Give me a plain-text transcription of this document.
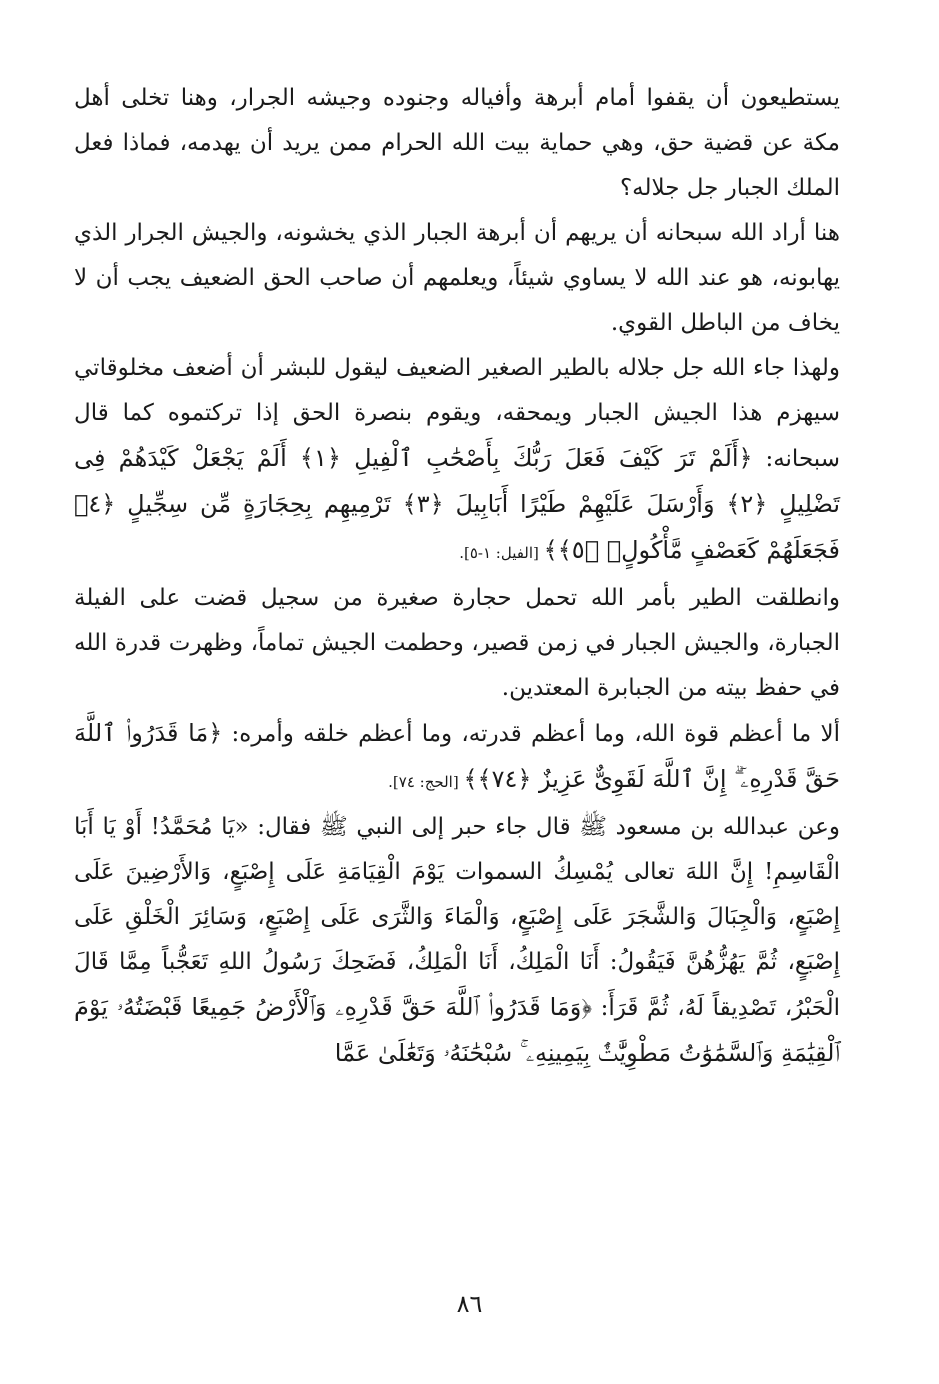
يستطيعون أن يقفوا أمام أبرهة وأفياله وجنوده وجيشه الجرار، وهنا تخلى أهل مكة عن قضية حق، وهي حماية بيت الله الحرام ممن يريد أن يهدمه، فماذا فعل الملك الجبار جل جلاله؟

هنا أراد الله سبحانه أن يريهم أن أبرهة الجبار الذي يخشونه، والجيش الجرار الذي يهابونه، هو عند الله لا يساوي شيئاً، ويعلمهم أن صاحب الحق الضعيف يجب أن لا يخاف من الباطل القوي.

ولهذا جاء الله جل جلاله بالطير الصغير الضعيف ليقول للبشر أن أضعف مخلوقاتي سيهزم هذا الجيش الجبار ويمحقه، ويقوم بنصرة الحق إذا تركتموه كما قال سبحانه: ﴿أَلَمْ تَرَ كَيْفَ فَعَلَ رَبُّكَ بِأَصْحَٰبِ ٱلْفِيلِ ﴿١﴾ أَلَمْ يَجْعَلْ كَيْدَهُمْ فِى تَضْلِيلٍ ﴿٢﴾ وَأَرْسَلَ عَلَيْهِمْ طَيْرًا أَبَابِيلَ ﴿٣﴾ تَرْمِيهِم بِحِجَارَةٍ مِّن سِجِّيلٍ ﴿٤﴾ فَجَعَلَهُمْ كَعَصْفٍ مَّأْكُولٍۭ ﴿٥﴾﴾ [الفيل: ١-٥].

وانطلقت الطير بأمر الله تحمل حجارة صغيرة من سجيل قضت على الفيلة الجبارة، والجيش الجبار في زمن قصير، وحطمت الجيش تماماً، وظهرت قدرة الله في حفظ بيته من الجبابرة المعتدين.

ألا ما أعظم قوة الله، وما أعظم قدرته، وما أعظم خلقه وأمره: ﴿مَا قَدَرُوا۟ ٱللَّهَ حَقَّ قَدْرِهِۦٓ ۗ إِنَّ ٱللَّهَ لَقَوِىٌّ عَزِيزٌ ﴿٧٤﴾﴾ [الحج: ٧٤].

وعن عبدالله بن مسعود ﷺ قال جاء حبر إلى النبي ﷺ فقال: «يَا مُحَمَّدُ! أَوْ يَا أَبَا الْقَاسِمِ! إِنَّ اللهَ تعالى يُمْسِكُ السموات يَوْمَ الْقِيَامَةِ عَلَى إِصْبَعٍ، وَالأَرْضِينَ عَلَى إِصْبَعٍ، وَالْجِبَالَ وَالشَّجَرَ عَلَى إِصْبَعٍ، وَالْمَاءَ وَالثَّرَى عَلَى إِصْبَعٍ، وَسَائِرَ الْخَلْقِ عَلَى إِصْبَعٍ، ثُمَّ يَهُزُّهُنَّ فَيَقُولُ: أَنَا الْمَلِكُ، أَنَا الْمَلِكُ، فَضَحِكَ رَسُولُ اللهِ تَعَجُّباً مِمَّا قَالَ الْحَبْرُ، تَصْدِيقاً لَهُ، ثُمَّ قَرَأَ: ﴿وَمَا قَدَرُوا۟ ٱللَّهَ حَقَّ قَدْرِهِۦ وَٱلْأَرْضُ جَمِيعًا قَبْضَتُهُۥ يَوْمَ ٱلْقِيَٰمَةِ وَٱلسَّمَٰوَٰتُ مَطْوِيَّٰتٌۢ بِيَمِينِهِۦ ۚ سُبْحَٰنَهُۥ وَتَعَٰلَىٰ عَمَّا

٨٦
